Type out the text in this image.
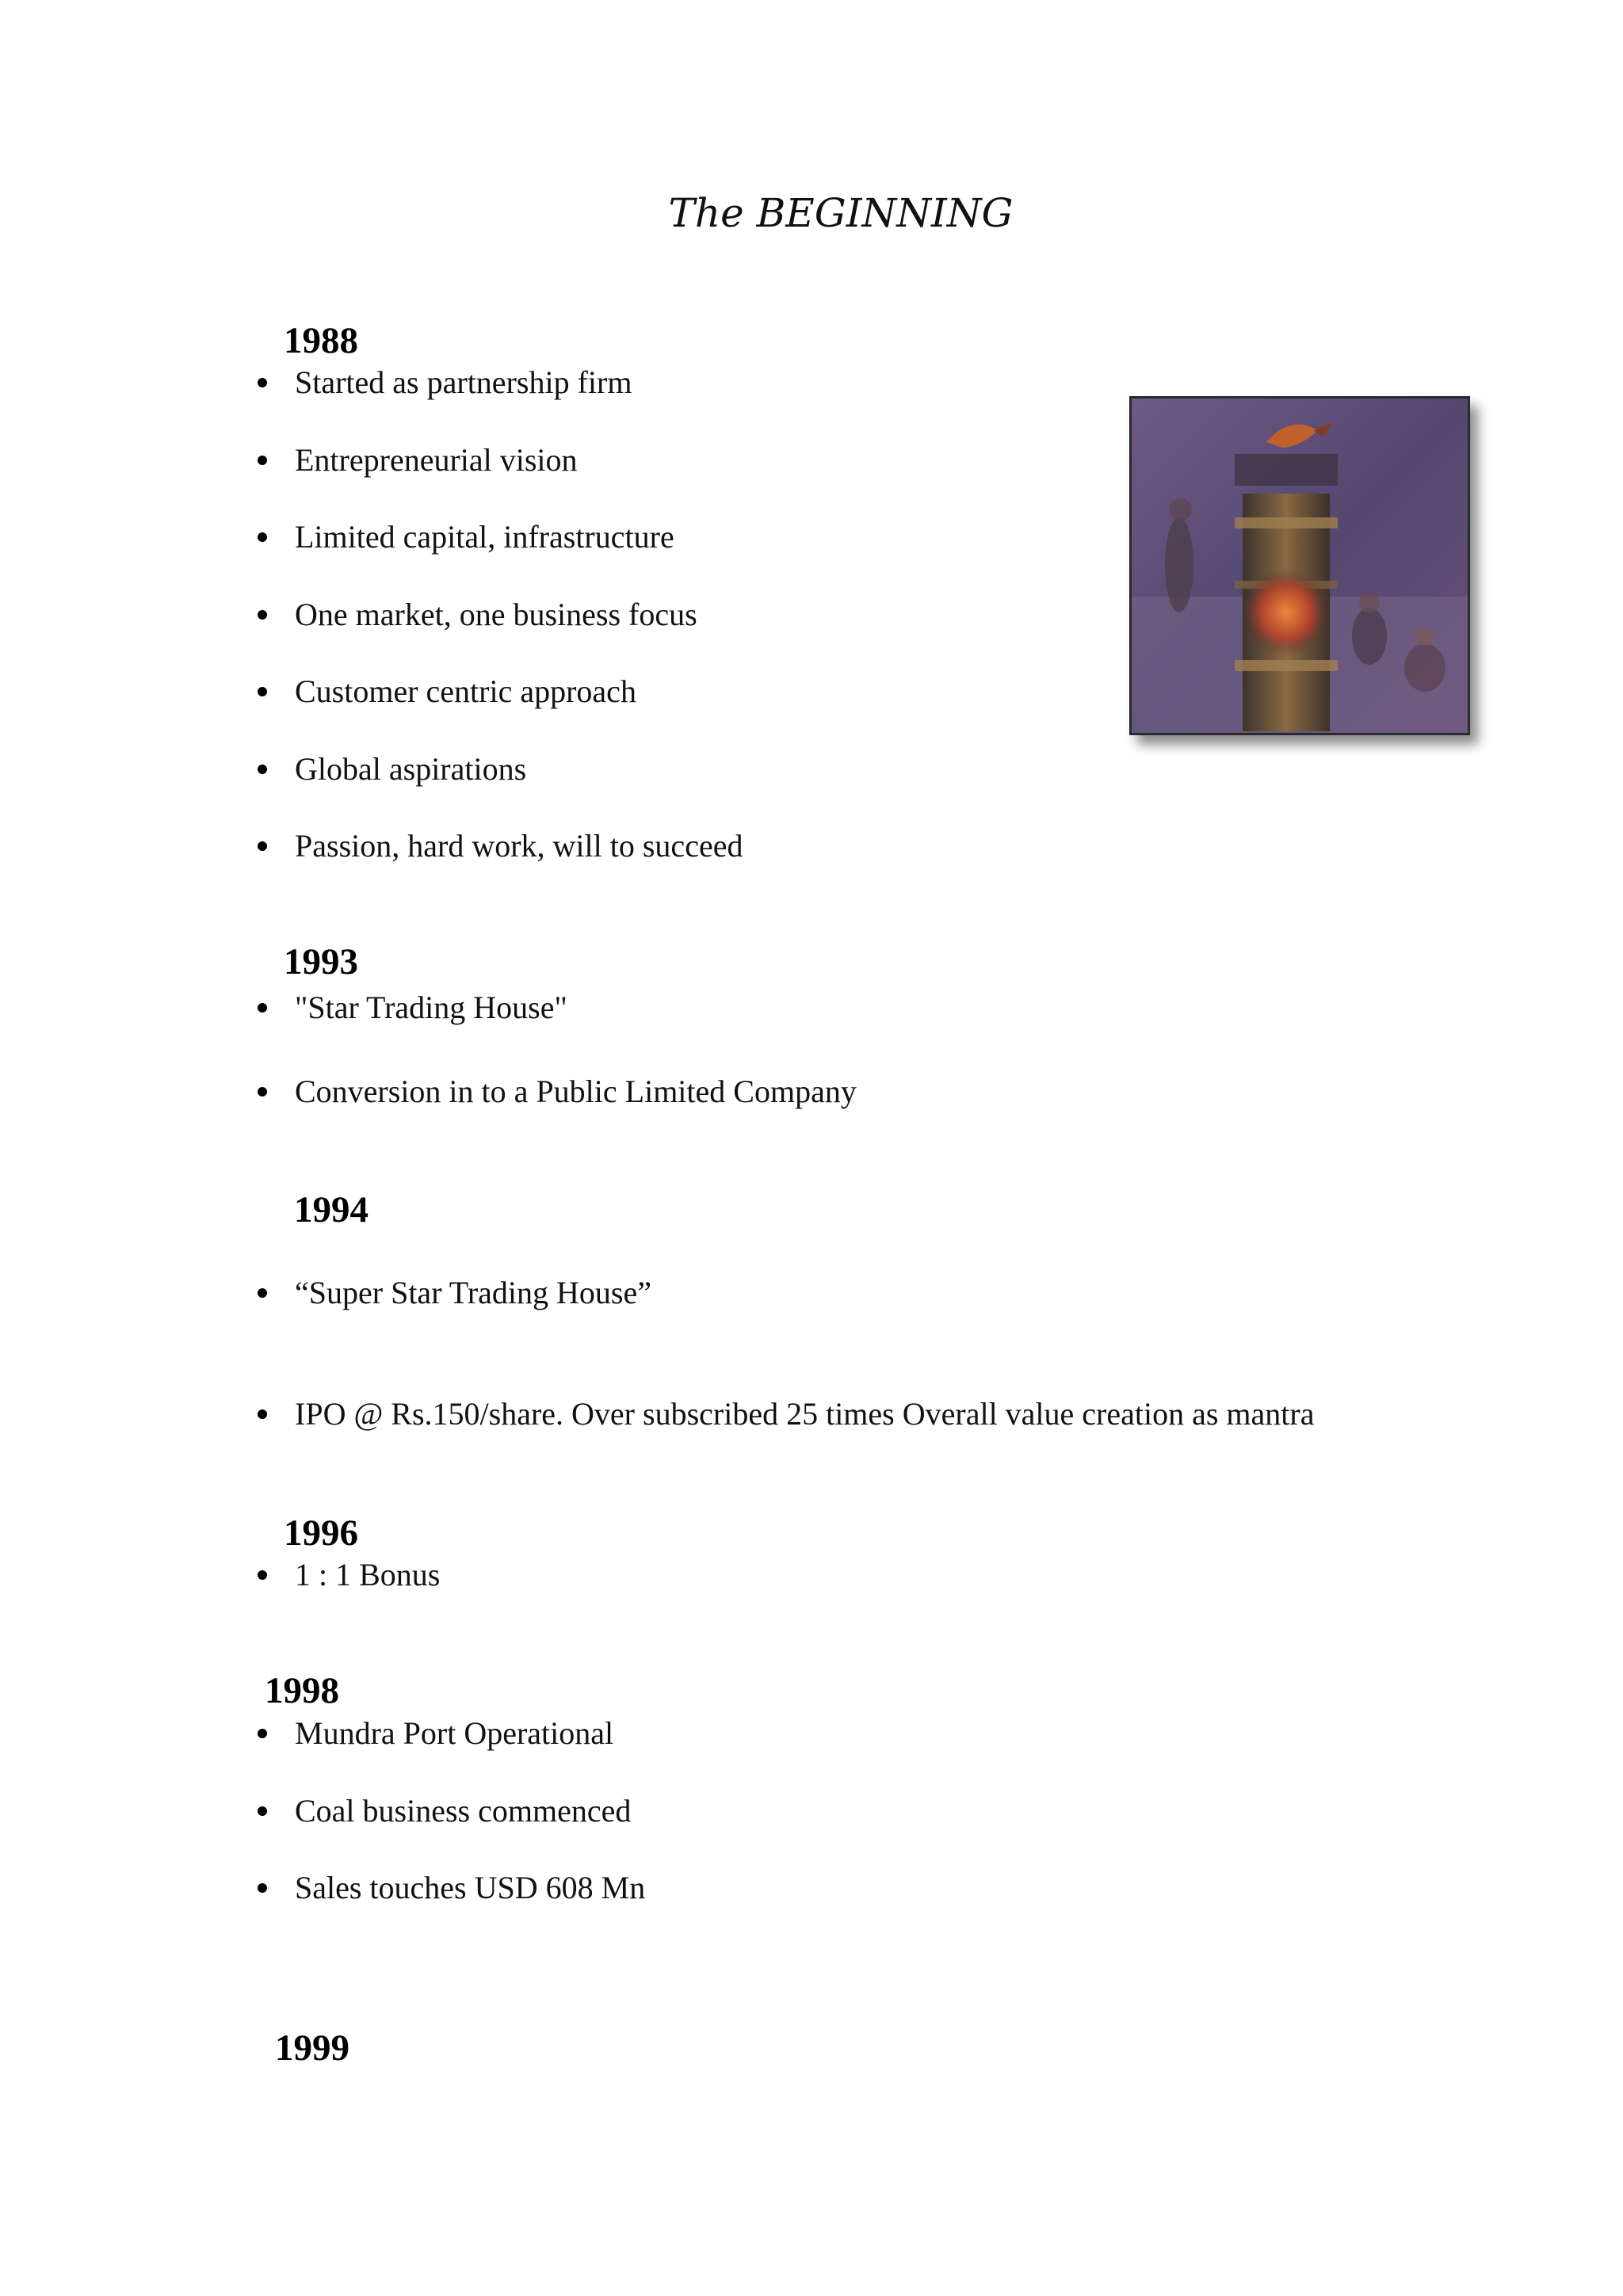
The BEGINNING
1988
Started as partnership firm
Entrepreneurial vision
Limited capital, infrastructure
One market, one business focus
Customer centric approach
Global aspirations
Passion, hard work, will to succeed
1993
"Star Trading House"
Conversion in to a Public Limited Company
1994
“Super Star Trading House”
IPO @ Rs.150/share. Over subscribed 25 times Overall value creation as mantra
1996
1 : 1 Bonus
1998
Mundra Port Operational
Coal business commenced
Sales touches USD 608 Mn
1999
